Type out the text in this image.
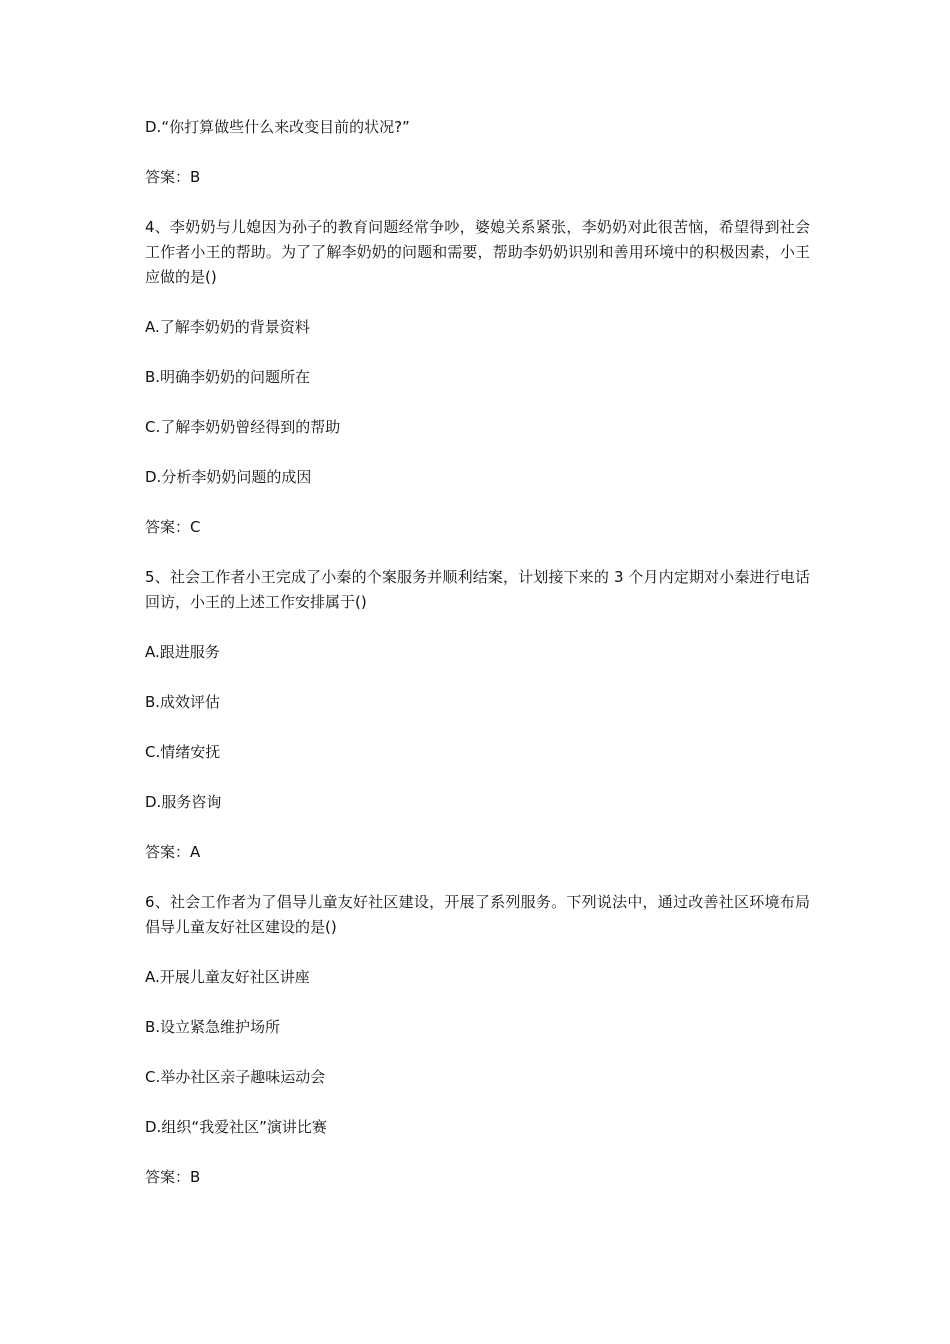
D.“你打算做些什么来改变目前的状况?”

答案：B

4、李奶奶与儿媳因为孙子的教育问题经常争吵，婆媳关系紧张，李奶奶对此很苦恼，希望得到社会工作者小王的帮助。为了了解李奶奶的问题和需要，帮助李奶奶识别和善用环境中的积极因素，小王应做的是()

A.了解李奶奶的背景资料

B.明确李奶奶的问题所在

C.了解李奶奶曾经得到的帮助

D.分析李奶奶问题的成因

答案：C

5、社会工作者小王完成了小秦的个案服务并顺利结案，计划接下来的 3 个月内定期对小秦进行电话回访，小王的上述工作安排属于()

A.跟进服务

B.成效评估

C.情绪安抚

D.服务咨询

答案：A

6、社会工作者为了倡导儿童友好社区建设，开展了系列服务。下列说法中，通过改善社区环境布局倡导儿童友好社区建设的是()

A.开展儿童友好社区讲座

B.设立紧急维护场所

C.举办社区亲子趣味运动会

D.组织“我爱社区”演讲比赛

答案：B
